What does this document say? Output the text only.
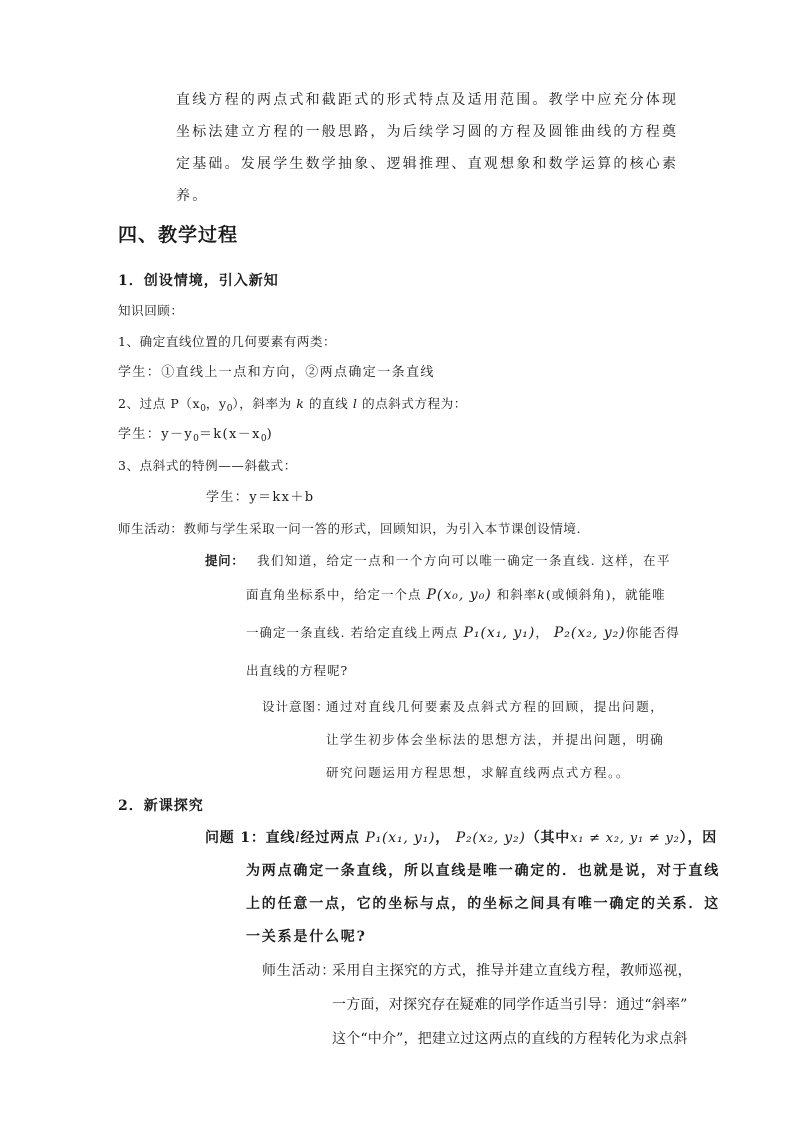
直线方程的两点式和截距式的形式特点及适用范围。教学中应充分体现
坐标法建立方程的一般思路，为后续学习圆的方程及圆锥曲线的方程奠
定基础。发展学生数学抽象、逻辑推理、直观想象和数学运算的核心素
养。
四、教学过程
1．创设情境，引入新知
知识回顾：
1、确定直线位置的几何要素有两类：
学生：①直线上一点和方向，②两点确定一条直线
2、过点 $P(x_0$，$y_0$），斜率为 k 的直线 l 的点斜式方程为：
学生：$y-y_0=k(x-x_0)$
3、点斜式的特例——斜截式：
学生：y＝kx＋b
师生活动：教师与学生采取一问一答的形式，回顾知识，为引入本节课创设情境.
提问： 我们知道，给定一点和一个方向可以唯一确定一条直线. 这样，在平
面直角坐标系中，给定一个点 P(x₀, y₀) 和斜率k(或倾斜角)，就能唯
一确定一条直线. 若给定直线上两点 P₁(x₁, y₁)， P₂(x₂, y₂)你能否得
出直线的方程呢?
设计意图：
通过对直线几何要素及点斜式方程的回顾，提出问题，
让学生初步体会坐标法的思想方法，并提出问题，明确
研究问题运用方程思想，求解直线两点式方程。。
2．新课探究
问题 1：直线l经过两点 P₁(x₁, y₁)， P₂(x₂, y₂)（其中x₁ ≠ x₂, y₁ ≠ y₂），因
为两点确定一条直线，所以直线是唯一确定的．也就是说，对于直线
上的任意一点，它的坐标与点，的坐标之间具有唯一确定的关系．这
一关系是什么呢?
师生活动：
采用自主探究的方式，推导并建立直线方程，教师巡视，
一方面，对探究存在疑难的同学作适当引导：通过“斜率”
这个“中介”，把建立过这两点的直线的方程转化为求点斜
